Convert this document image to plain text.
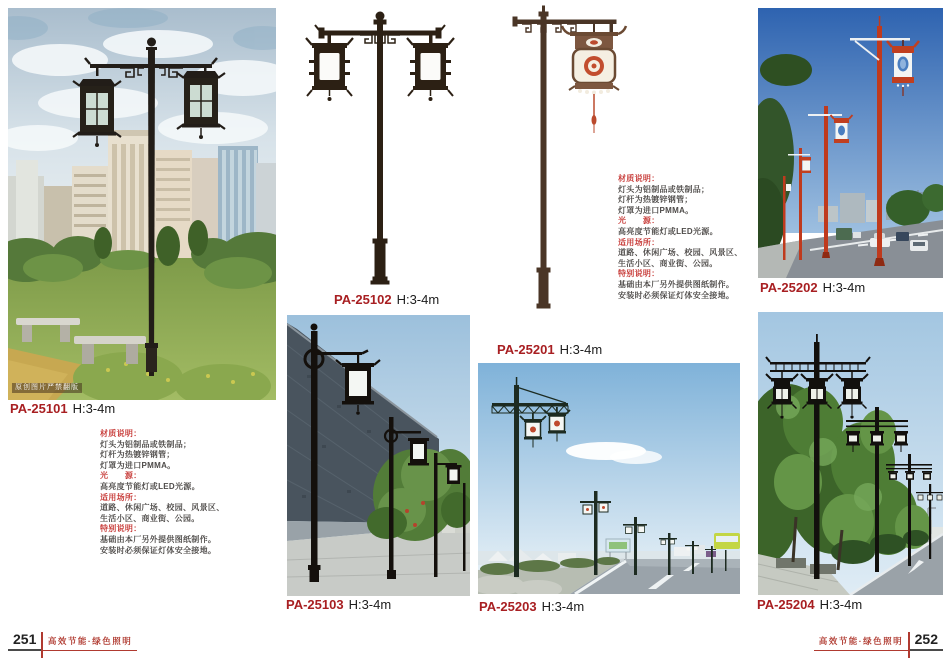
原创图片严禁翻版
PA-25101 H:3-4m
材质说明：
灯头为铝制品或铁制品；
灯杆为热镀锌钢管；
灯罩为进口PMMA。
光　　源：
高亮度节能灯或LED光源。
适用场所：
道路、休闲广场、校园、风景区、
生活小区、商业街、公园。
特别说明：
基础由本厂另外提供图纸制作。
安装时必须保证灯体安全接地。
PA-25102 H:3-4m
PA-25201 H:3-4m
材质说明：
灯头为铝制品或铁制品；
灯杆为热镀锌钢管；
灯罩为进口PMMA。
光　　源：
高亮度节能灯或LED光源。
适用场所：
道路、休闲广场、校园、风景区、
生活小区、商业街、公园。
特别说明：
基础由本厂另外提供图纸制作。
安装时必须保证灯体安全接地。
PA-25202 H:3-4m
PA-25103 H:3-4m	PA-25203 H:3-4m	PA-25204 H:3-4m
251	高效节能·绿色照明	高效节能·绿色照明 252
